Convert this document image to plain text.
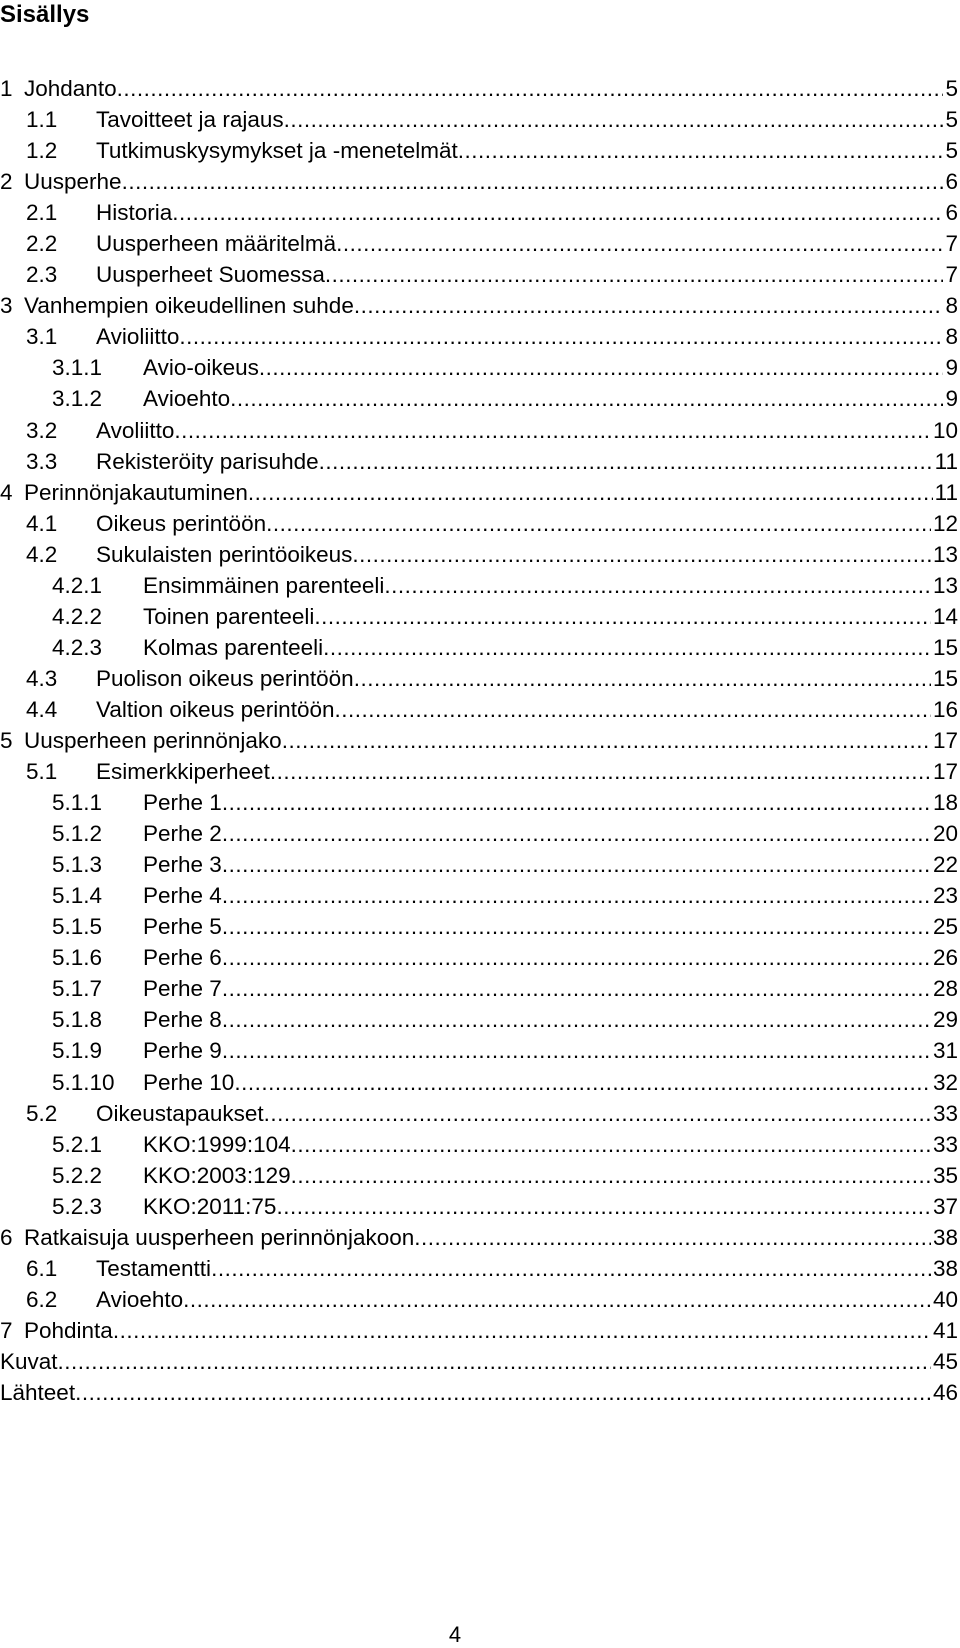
Sisällys
1 Johdanto .....	5
1.1	Tavoitteet ja rajaus .....	5
1.2	Tutkimuskysymykset ja -menetelmät .....	5
2 Uusperhe .....	6
2.1	Historia .....	6
2.2	Uusperheen määritelmä .....	7
2.3	Uusperheet Suomessa .....	7
3 Vanhempien oikeudellinen suhde .....	8
3.1	Avioliitto .....	8
3.1.1	Avio-oikeus .....	9
3.1.2	Avioehto .....	9
3.2	Avoliitto .....	10
3.3	Rekisteröity parisuhde .....	11
4 Perinnönjakautuminen .....	11
4.1	Oikeus perintöön .....	12
4.2	Sukulaisten perintöoikeus .....	13
4.2.1	Ensimmäinen parenteeli .....	13
4.2.2	Toinen parenteeli .....	14
4.2.3	Kolmas parenteeli .....	15
4.3	Puolison oikeus perintöön .....	15
4.4	Valtion oikeus perintöön .....	16
5 Uusperheen perinnönjako .....	17
5.1	Esimerkkiperheet .....	17
5.1.1	Perhe 1 .....	18
5.1.2	Perhe 2 .....	20
5.1.3	Perhe 3 .....	22
5.1.4	Perhe 4 .....	23
5.1.5	Perhe 5 .....	25
5.1.6	Perhe 6 .....	26
5.1.7	Perhe 7 .....	28
5.1.8	Perhe 8 .....	29
5.1.9	Perhe 9 .....	31
5.1.10	Perhe 10 .....	32
5.2	Oikeustapaukset .....	33
5.2.1	KKO:1999:104 .....	33
5.2.2	KKO:2003:129 .....	35
5.2.3	KKO:2011:75 .....	37
6 Ratkaisuja uusperheen perinnönjakoon .....	38
6.1	Testamentti .....	38
6.2	Avioehto .....	40
7 Pohdinta .....	41
Kuvat .....	45
Lähteet .....	46
4
